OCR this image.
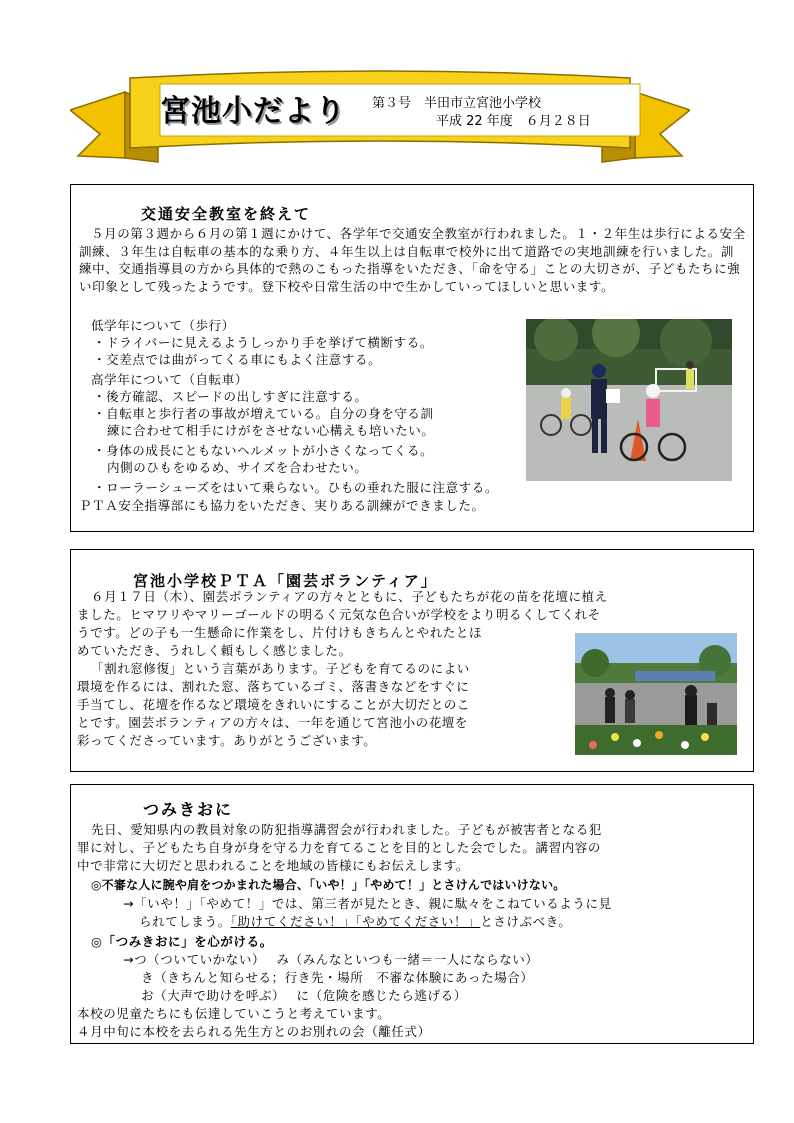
宮池小だより 第３号　半田市立宮池小学校
平成 22 年度　６月２８日
交通安全教室を終えて

５月の第３週から６月の第１週にかけて、各学年で交通安全教室が行われました。１・２年生は歩行による安全訓練、３年生は自転車の基本的な乗り方、４年生以上は自転車で校外に出て道路での実地訓練を行いました。訓練中、交通指導員の方から具体的で熱のこもった指導をいただき、「命を守る」ことの大切さが、子どもたちに強い印象として残ったようです。登下校や日常生活の中で生かしていってほしいと思います。

低学年について（歩行）
・ドライバーに見えるようしっかり手を挙げて横断する。
・交差点では曲がってくる車にもよく注意する。
高学年について（自転車）
・後方確認、スピードの出しすぎに注意する。
・自転車と歩行者の事故が増えている。自分の身を守る訓
練に合わせて相手にけがをさせない心構えも培いたい。
・身体の成長にともないヘルメットが小さくなってくる。
内側のひもをゆるめ、サイズを合わせたい。
・ローラーシューズをはいて乗らない。ひもの垂れた服に注意する。
ＰＴＡ安全指導部にも協力をいただき、実りある訓練ができました。
宮池小学校ＰＴＡ「園芸ボランティア」
６月１７日（木）、園芸ボランティアの方々とともに、子どもたちが花の苗を花壇に植え
ました。ヒマワリやマリーゴールドの明るく元気な色合いが学校をより明るくしてくれそ
うです。どの子も一生懸命に作業をし、片付けもきちんとやれたとほ
めていただき、うれしく頼もしく感じました。
「割れ窓修復」という言葉があります。子どもを育てるのによい
環境を作るには、割れた窓、落ちているゴミ、落書きなどをすぐに
手当てし、花壇を作るなど環境をきれいにすることが大切だとのこ
とです。園芸ボランティアの方々は、一年を通じて宮池小の花壇を
彩ってくださっています。ありがとうございます。
つみきおに
先日、愛知県内の教員対象の防犯指導講習会が行われました。子どもが被害者となる犯
罪に対し、子どもたち自身が身を守る力を育てることを目的とした会でした。講習内容の
中で非常に大切だと思われることを地域の皆様にもお伝えします。
◎不審な人に腕や肩をつかまれた場合、「いや！」「やめて！」とさけんではいけない。
→「いや！」「やめて！」では、第三者が見たとき、親に駄々をこねているように見
られてしまう。「助けてください！」「やめてください！」とさけぶべき。
◎「つみきおに」を心がける。
→つ（ついていかない）　 み（みんなといつも一緒＝一人にならない）
き（きちんと知らせる；行き先・場所　不審な体験にあった場合）
お（大声で助けを呼ぶ）　 に（危険を感じたら逃げる）
本校の児童たちにも伝達していこうと考えています。
４月中旬に本校を去られる先生方とのお別れの会（離任式）
